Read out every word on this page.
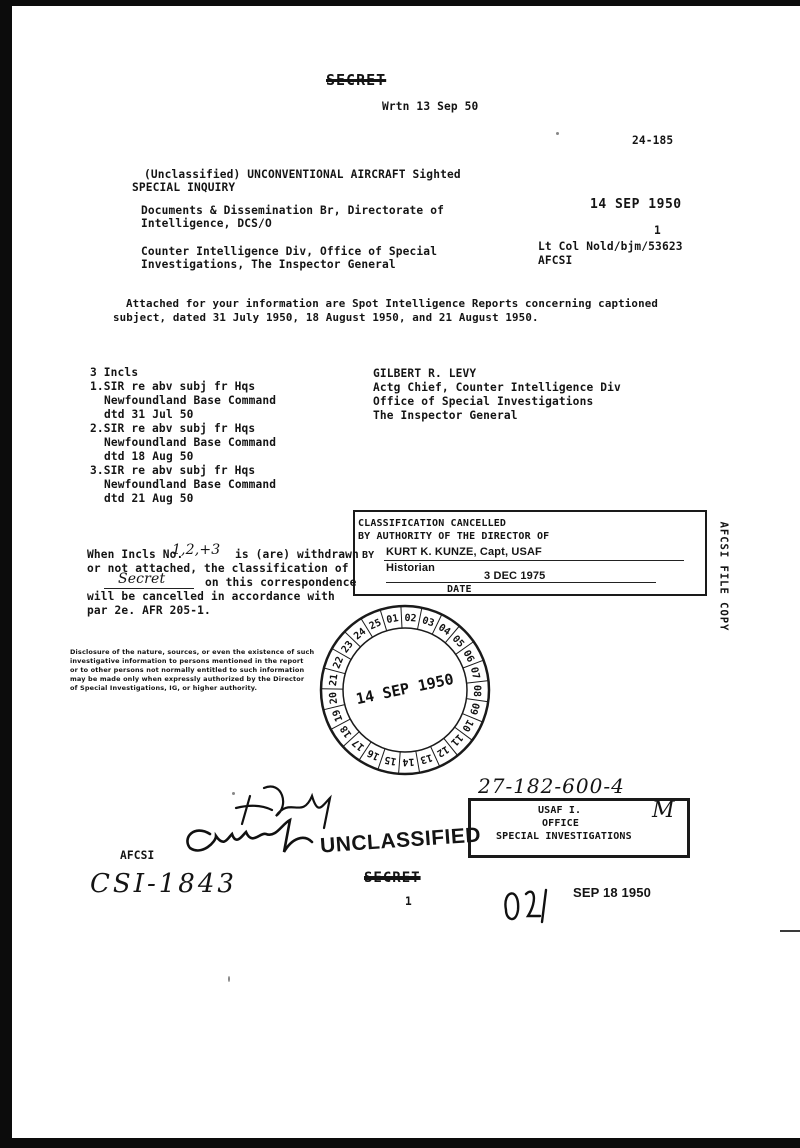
SECRET
Wrtn 13 Sep 50
24-185
(Unclassified) UNCONVENTIONAL AIRCRAFT Sighted
SPECIAL INQUIRY
Documents & Dissemination Br, Directorate of
Intelligence, DCS/O
14 SEP 1950
1
Counter Intelligence Div, Office of Special
Investigations, The Inspector General
Lt Col Nold/bjm/53623
AFCSI
Attached for your information are Spot Intelligence Reports concerning captioned
subject, dated 31 July 1950, 18 August 1950, and 21 August 1950.
3 Incls
1.SIR re abv subj fr Hqs
Newfoundland Base Command
dtd 31 Jul 50
2.SIR re abv subj fr Hqs
Newfoundland Base Command
dtd 18 Aug 50
3.SIR re abv subj fr Hqs
Newfoundland Base Command
dtd 21 Aug 50
GILBERT R. LEVY
Actg Chief, Counter Intelligence Div
Office of Special Investigations
The Inspector General
CLASSIFICATION CANCELLED
BY AUTHORITY OF THE DIRECTOR OF
BY KURT K. KUNZE, Capt, USAF
Historian
3 DEC 1975
DATE	AFCSI FILE COPY
When Incls No.
1,2,+3 is (are) withdrawn
or not attached, the classification of
Secret	on this correspondence
will be cancelled in accordance with
par 2e. AFR 205-1.
Disclosure of the nature, sources, or even the existence of such
investigative information to persons mentioned in the report
or to other persons not normally entitled to such information
may be made only when expressly authorized by the Director
of Special Investigations, IG, or higher authority.
01 02 03 04
05
06
07
08
09
10
11
12
13
14
15
16
17
18
19
20
21
22
23
24
25
14 SEP 1950
27-182-600-4
USAF I.
OFFICE
SPECIAL INVESTIGATIONS
M
AFCSI	UNCLASSIFIED
SECRET
1
CSI-1843	SEP 18 1950
